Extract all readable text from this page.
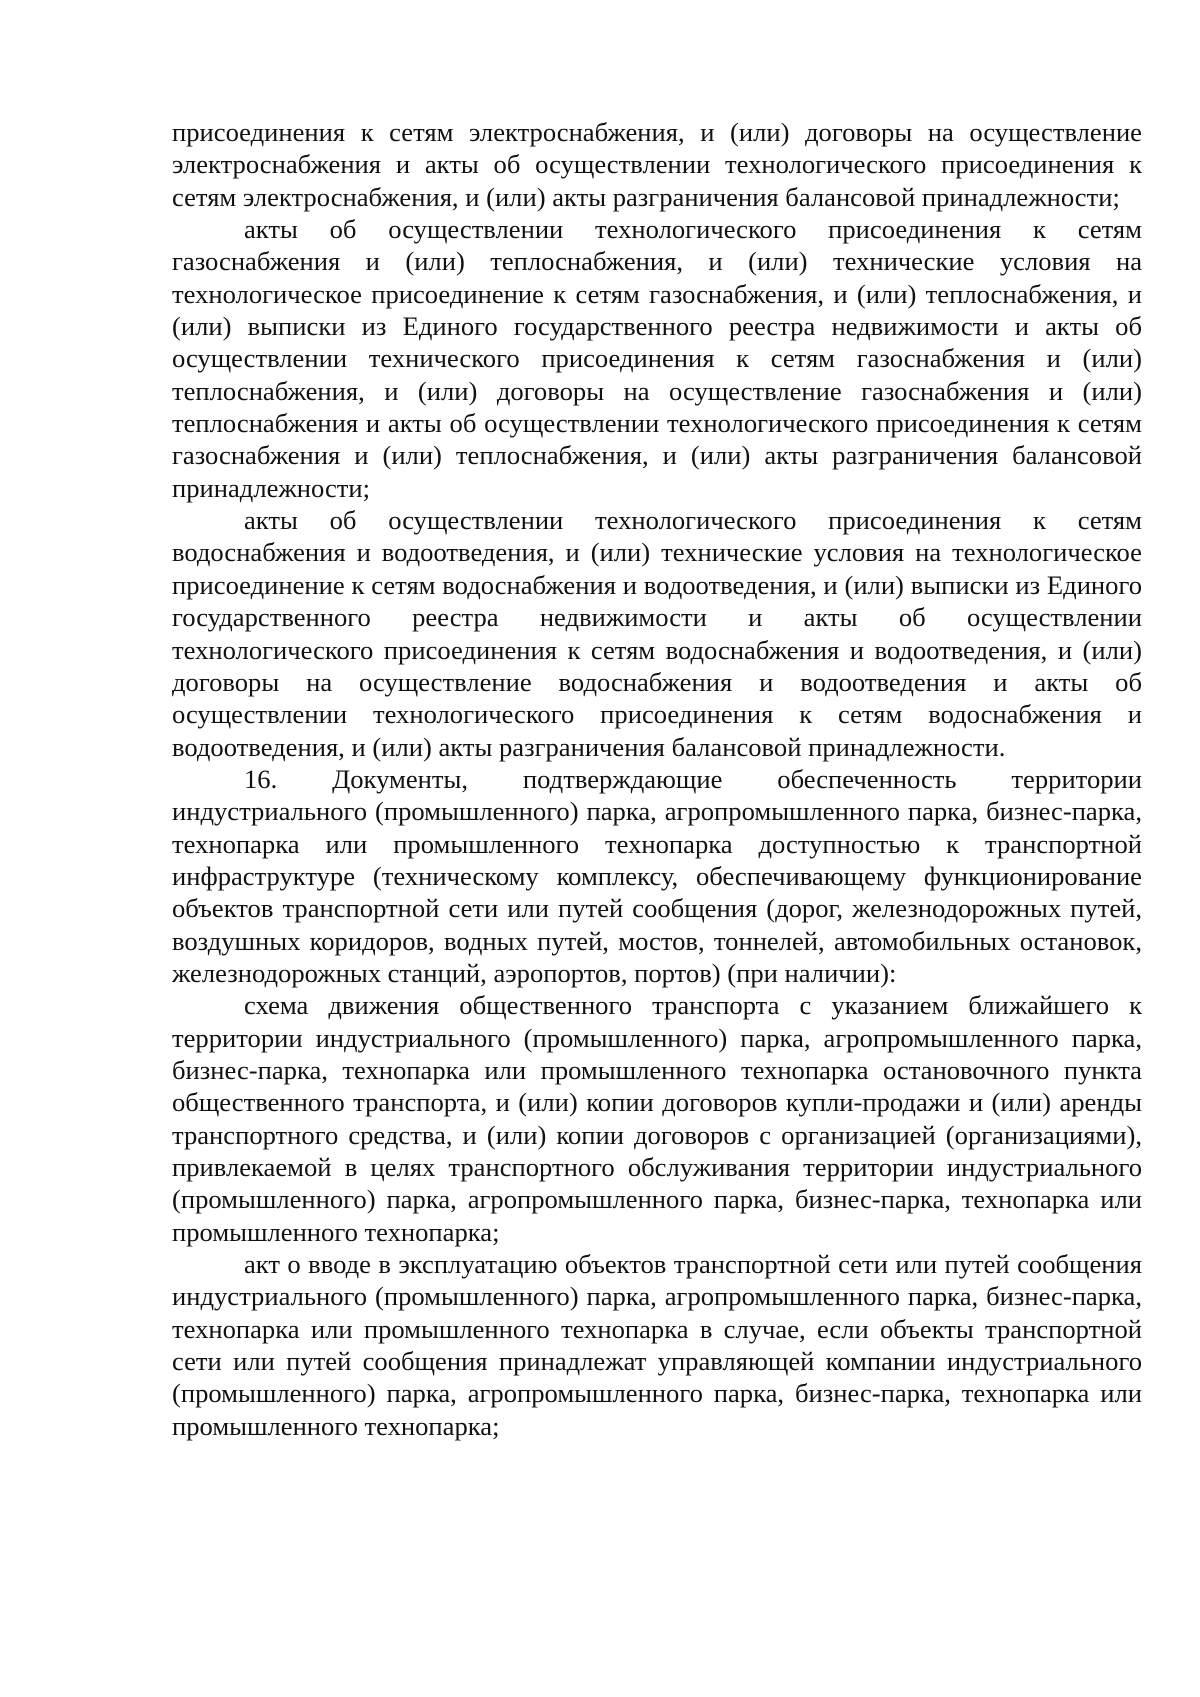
присоединения к сетям электроснабжения, и (или) договоры на осуществление электроснабжения и акты об осуществлении технологического присоединения к сетям электроснабжения, и (или) акты разграничения балансовой принадлежности;

акты об осуществлении технологического присоединения к сетям газоснабжения и (или) теплоснабжения, и (или) технические условия на технологическое присоединение к сетям газоснабжения, и (или) теплоснабжения, и (или) выписки из Единого государственного реестра недвижимости и акты об осуществлении технического присоединения к сетям газоснабжения и (или) теплоснабжения, и (или) договоры на осуществление газоснабжения и (или) теплоснабжения и акты об осуществлении технологического присоединения к сетям газоснабжения и (или) теплоснабжения, и (или) акты разграничения балансовой принадлежности;

акты об осуществлении технологического присоединения к сетям водоснабжения и водоотведения, и (или) технические условия на технологическое присоединение к сетям водоснабжения и водоотведения, и (или) выписки из Единого государственного реестра недвижимости и акты об осуществлении технологического присоединения к сетям водоснабжения и водоотведения, и (или) договоры на осуществление водоснабжения и водоотведения и акты об осуществлении технологического присоединения к сетям водоснабжения и водоотведения, и (или) акты разграничения балансовой принадлежности.

16. Документы, подтверждающие обеспеченность территории индустриального (промышленного) парка, агропромышленного парка, бизнес-парка, технопарка или промышленного технопарка доступностью к транспортной инфраструктуре (техническому комплексу, обеспечивающему функционирование объектов транспортной сети или путей сообщения (дорог, железнодорожных путей, воздушных коридоров, водных путей, мостов, тоннелей, автомобильных остановок, железнодорожных станций, аэропортов, портов) (при наличии):

схема движения общественного транспорта с указанием ближайшего к территории индустриального (промышленного) парка, агропромышленного парка, бизнес-парка, технопарка или промышленного технопарка остановочного пункта общественного транспорта, и (или) копии договоров купли-продажи и (или) аренды транспортного средства, и (или) копии договоров с организацией (организациями), привлекаемой в целях транспортного обслуживания территории индустриального (промышленного) парка, агропромышленного парка, бизнес-парка, технопарка или промышленного технопарка;

акт о вводе в эксплуатацию объектов транспортной сети или путей сообщения индустриального (промышленного) парка, агропромышленного парка, бизнес-парка, технопарка или промышленного технопарка в случае, если объекты транспортной сети или путей сообщения принадлежат управляющей компании индустриального (промышленного) парка, агропромышленного парка, бизнес-парка, технопарка или промышленного технопарка;
